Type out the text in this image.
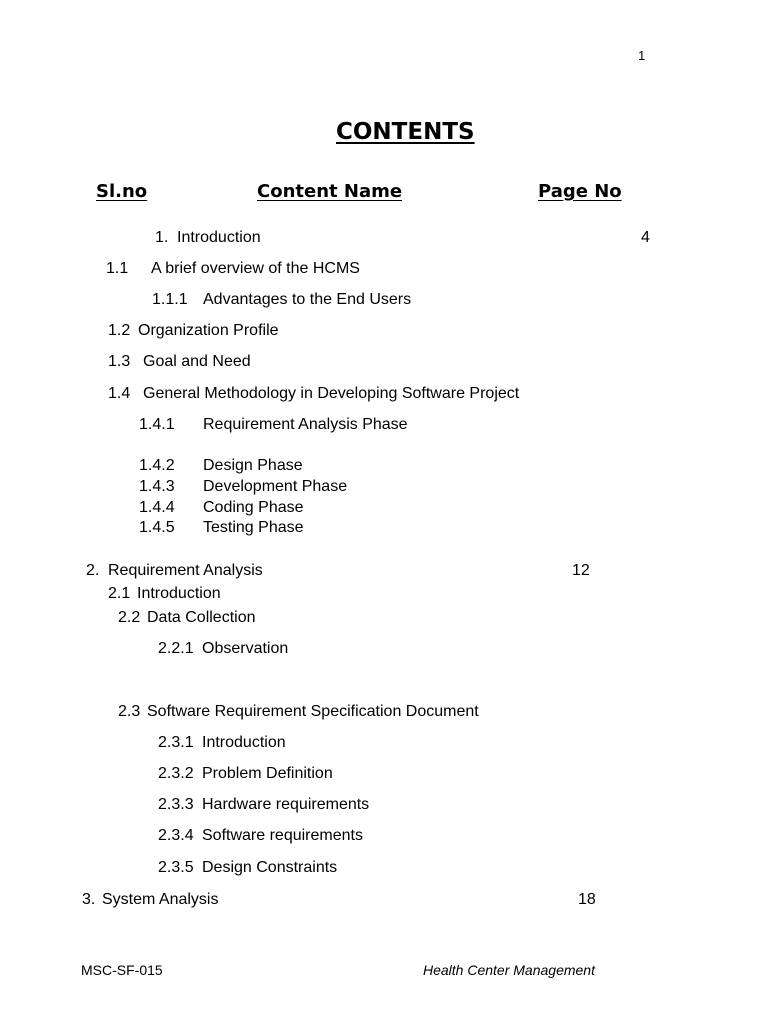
1
CONTENTS
Sl.no	Content Name	Page No
1. Introduction	4
1.1 A brief overview of the HCMS
1.1.1 Advantages to the End Users
1.2 Organization Profile
1.3 Goal and Need
1.4 General Methodology in Developing Software Project
1.4.1 Requirement Analysis Phase
1.4.2 Design Phase
1.4.3 Development Phase
1.4.4 Coding Phase
1.4.5 Testing Phase
2. Requirement Analysis	12
2.1 Introduction
2.2 Data Collection
2.2.1 Observation
2.3 Software Requirement Specification Document
2.3.1 Introduction
2.3.2 Problem Definition
2.3.3 Hardware requirements
2.3.4 Software requirements
2.3.5 Design Constraints
3. System Analysis	18
MSC-SF-015	Health Center Management
